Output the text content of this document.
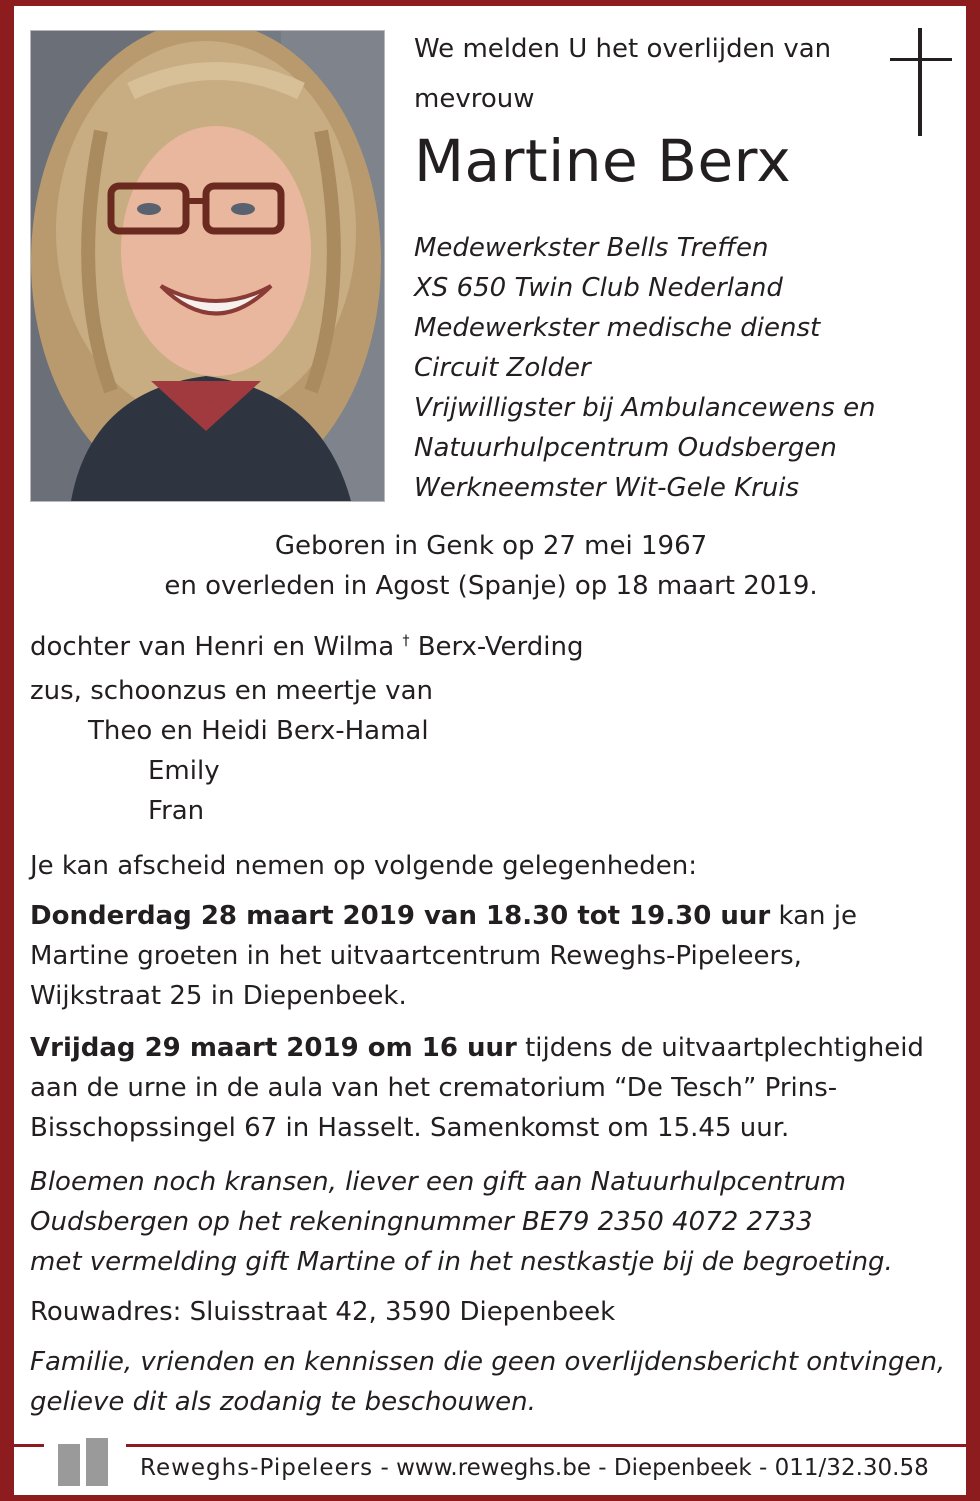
We melden U het overlijden van
mevrouw
Martine Berx
Medewerkster Bells Treffen
XS 650 Twin Club Nederland
Medewerkster medische dienst
Circuit Zolder
Vrijwilligster bij Ambulancewens en
Natuurhulpcentrum Oudsbergen
Werkneemster Wit-Gele Kruis
Geboren in Genk op 27 mei 1967
en overleden in Agost (Spanje) op 18 maart 2019.
dochter van Henri en Wilma † Berx-Verding
zus, schoonzus en meertje van
Theo en Heidi Berx-Hamal
Emily
Fran
Je kan afscheid nemen op volgende gelegenheden:
Donderdag 28 maart 2019 van 18.30 tot 19.30 uur kan je
Martine groeten in het uitvaartcentrum Reweghs-Pipeleers,
Wijkstraat 25 in Diepenbeek.
Vrijdag 29 maart 2019 om 16 uur tijdens de uitvaartplechtigheid
aan de urne in de aula van het crematorium “De Tesch” Prins-
Bisschopssingel 67 in Hasselt. Samenkomst om 15.45 uur.
Bloemen noch kransen, liever een gift aan Natuurhulpcentrum
Oudsbergen op het rekeningnummer BE79 2350 4072 2733
met vermelding gift Martine of in het nestkastje bij de begroeting.
Rouwadres: Sluisstraat 42, 3590 Diepenbeek
Familie, vrienden en kennissen die geen overlijdensbericht ontvingen,
gelieve dit als zodanig te beschouwen.
Reweghs-Pipeleers - www.reweghs.be - Diepenbeek - 011/32.30.58
